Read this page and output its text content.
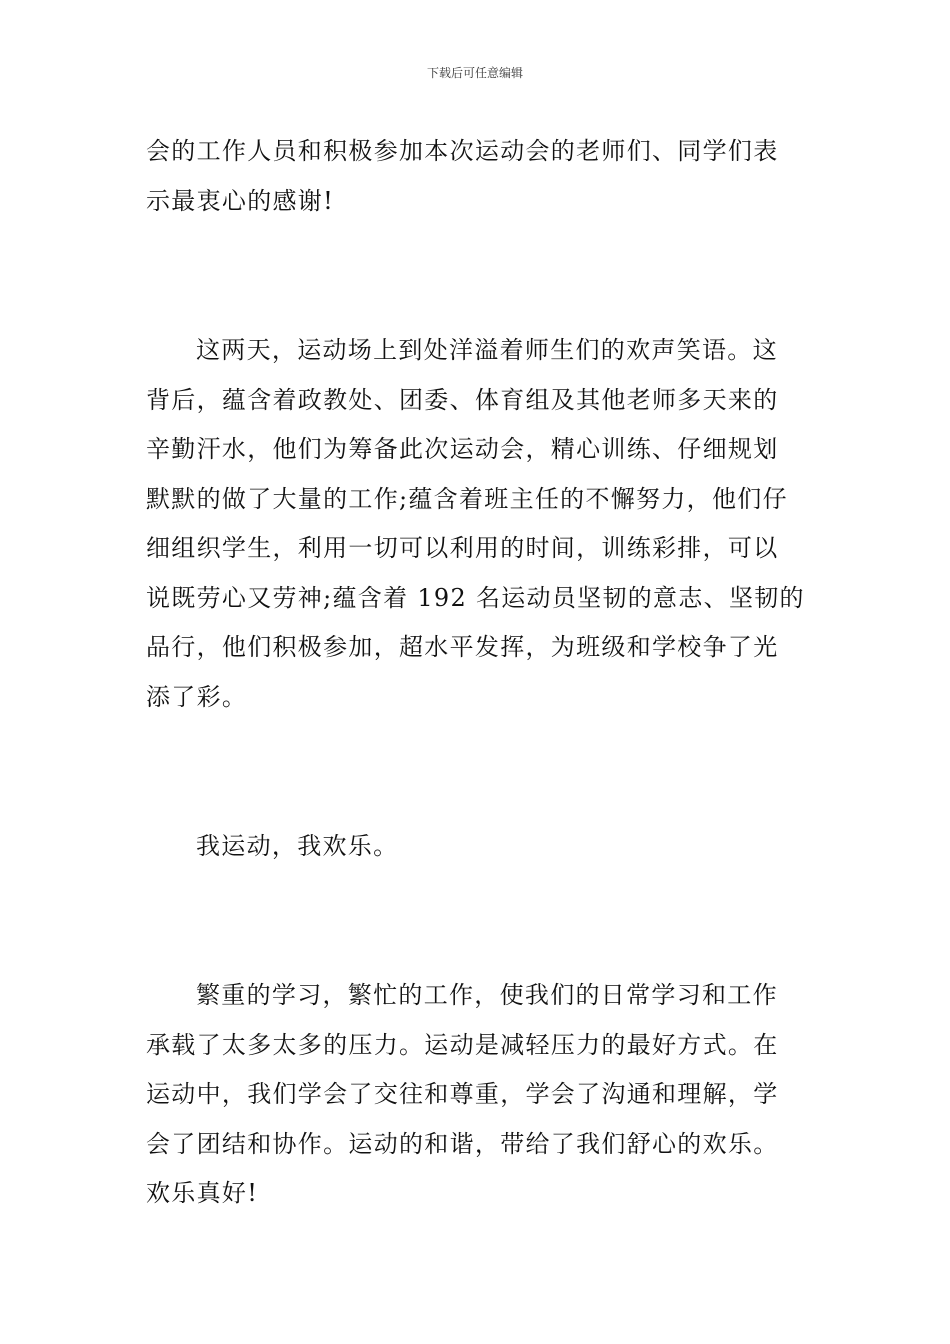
下载后可任意编辑
会的工作人员和积极参加本次运动会的老师们、同学们表
示最衷心的感谢!
这两天，运动场上到处洋溢着师生们的欢声笑语。这
背后，蕴含着政教处、团委、体育组及其他老师多天来的
辛勤汗水，他们为筹备此次运动会，精心训练、仔细规划
默默的做了大量的工作;蕴含着班主任的不懈努力，他们仔
细组织学生，利用一切可以利用的时间，训练彩排，可以
说既劳心又劳神;蕴含着 192 名运动员坚韧的意志、坚韧的
品行，他们积极参加，超水平发挥，为班级和学校争了光
添了彩。
我运动，我欢乐。
繁重的学习，繁忙的工作，使我们的日常学习和工作
承载了太多太多的压力。运动是减轻压力的最好方式。在
运动中，我们学会了交往和尊重，学会了沟通和理解，学
会了团结和协作。运动的和谐，带给了我们舒心的欢乐。
欢乐真好!
